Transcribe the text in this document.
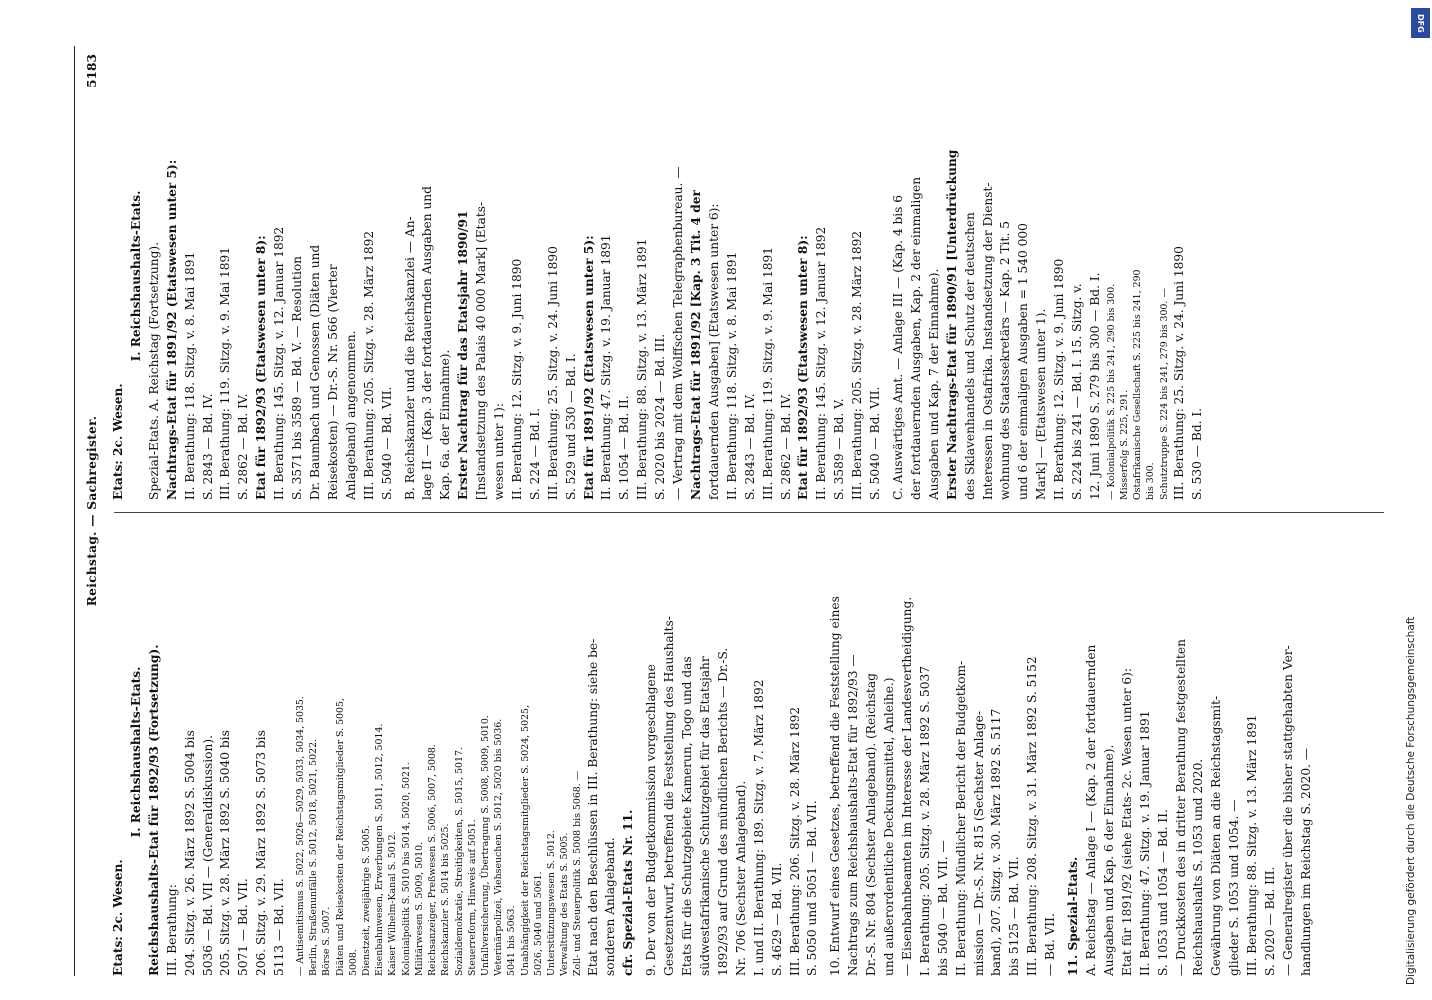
Reichstag. — Sachregister.
5183

Etats: 2c. Wesen.

I. Reichshaushalts-Etats. Reichshaushalts-Etat für 1892/93 (Fortsetzung). III. Berathung: 204. Sitzg. v. 26. März 1892 S. 5004 bis
5036 — Bd. VII — (Generaldiskussion).

205. Sitzg. v. 28. März 1892 S. 5040 bis
5071 — Bd. VII.

206. Sitzg. v. 29. März 1892 S. 5073 bis
5113 — Bd. VII.

— Antisemitismus S. 5022, 5026—5029, 5033, 5034, 5035.
Berlin, Straßenunfälle S. 5012, 5018, 5021, 5022.
Börse S. 5007.
Diäten und Reisekosten der Reichstagsmitglieder S. 5005,
5008.
Dienstzeit, zweijährige S. 5005.
Eisenbahnwesen, Erwerbungen S. 5011, 5012, 5014.
Kaiser Wilhelm-Kanal S. 5012.
Kolonialpolitik S. 5010 bis 5014, 5020, 5021.
Militärwesen S. 5009, 5010.
Reichsanzeiger, Preßwesen S. 5006, 5007, 5008.
Reichskanzler S. 5014 bis 5025.
Sozialdemokratie, Streitigkeiten, S. 5015, 5017.
Steuerreform, Hinweis auf 5051.
Unfallversicherung, Übertragung S. 5008, 5009, 5010.
Veterinärpolizei, Viehseuchen S. 5012, 5020 bis 5036.
5041 bis 5063.
Unabhängigkeit der Reichstagsmitglieder S. 5024, 5025,
5026, 5040 und 5061.
Unterstützungswesen S. 5012.
Verwaltung des Etats S. 5005.
Zoll- und Steuerpolitik S. 5008 bis 5068. —

Etat nach den Beschlüssen in III. Berathung: siehe be-
sonderen Anlageband. cfr. Spezial-Etats Nr. 11. 9. Der von der Budgetkommission vorgeschlagene
Gesetzentwurf, betreffend die Feststellung des Haushalts-
Etats für die Schutzgebiete Kamerun, Togo und das
südwestafrikanische Schutzgebiet für das Etatsjahr
1892/93 auf Grund des mündlichen Berichts — Dr.-S.
Nr. 706 (Sechster Anlageband).
I. und II. Berathung: 189. Sitzg. v. 7. März 1892
S. 4629 — Bd. VII.
III. Berathung: 206. Sitzg. v. 28. März 1892
S. 5050 und 5051 — Bd. VII.

10. Entwurf eines Gesetzes, betreffend die Feststellung eines
Nachtrags zum Reichshaushalts-Etat für 1892/93 —
Dr.-S. Nr. 804 (Sechster Anlageband). (Reichstag
und außerordentliche Deckungsmittel, Anleihe.)
— Eisenbahnbeamten im Interesse der Landesvertheidigung.
I. Berathung: 205. Sitzg. v. 28. März 1892 S. 5037
bis 5040 — Bd. VII. —
II. Berathung: Mündlicher Bericht der Budgetkom-
mission — Dr.-S. Nr. 815 (Sechster Anlage-
band), 207. Sitzg. v. 30. März 1892 S. 5117
bis 5125 — Bd. VII.
III. Berathung: 208. Sitzg. v. 31. März 1892 S. 5152
— Bd. VII. 11. Spezial-Etats. A. Reichstag — Anlage I — (Kap. 2 der fortdauernden
Ausgaben und Kap. 6 der Einnahme).
Etat für 1891/92 (siehe Etats- 2c. Wesen unter 6):
II. Berathung: 47. Sitzg. v. 19. Januar 1891
S. 1053 und 1054 — Bd. II.
— Druckkosten des in dritter Berathung festgestellten
Reichshaushalts S. 1053 und 2020.
Gewährung von Diäten an die Reichstagsmit-
glieder S. 1053 und 1054. —
III. Berathung: 88. Sitzg. v. 13. März 1891
S. 2020 — Bd. III.
— Generalregister über die bisher stattgehabten Ver-
handlungen im Reichstag S. 2020. —

Etats: 2c. Wesen.

I. Reichshaushalts-Etats. Spezial-Etats. A. Reichstag (Fortsetzung). Nachtrags-Etat für 1891/92 (Etatswesen unter 5): II. Berathung: 118. Sitzg. v. 8. Mai 1891
S. 2843 — Bd. IV.

III. Berathung: 119. Sitzg. v. 9. Mai 1891
S. 2862 — Bd. IV. Etat für 1892/93 (Etatswesen unter 8): II. Berathung: 145. Sitzg. v. 12. Januar 1892
S. 3571 bis 3589 — Bd. V. — Resolution
Dr. Baumbach und Genossen (Diäten und
Reisekosten) — Dr.-S. Nr. 566 (Vierter
Anlageband) angenommen.

III. Berathung: 205. Sitzg. v. 28. März 1892
S. 5040 — Bd. VII.

B. Reichskanzler und die Reichskanzlei — An-
lage II — (Kap. 3 der fortdauernden Ausgaben und
Kap. 6a. der Einnahme). Erster Nachtrag für das Etatsjahr 1890/91 [Instandsetzung des Palais 40 000 Mark] (Etats-
wesen unter 1):
II. Berathung: 12. Sitzg. v. 9. Juni 1890
S. 224 — Bd. I.
III. Berathung: 25. Sitzg. v. 24. Juni 1890
S. 529 und 530 — Bd. I. Etat für 1891/92 (Etatswesen unter 5): II. Berathung: 47. Sitzg. v. 19. Januar 1891
S. 1054 — Bd. II.
III. Berathung: 88. Sitzg. v. 13. März 1891
S. 2020 bis 2024 — Bd. III.
— Vertrag mit dem Wolffschen Telegraphenbureau. —

Nachtrags-Etat für 1891/92 [Kap. 3 Tit. 4 der fortdauernden Ausgaben] (Etatswesen unter 6):
II. Berathung: 118. Sitzg. v. 8. Mai 1891
S. 2843 — Bd. IV.
III. Berathung: 119. Sitzg. v. 9. Mai 1891
S. 2862 — Bd. IV. Etat für 1892/93 (Etatswesen unter 8): II. Berathung: 145. Sitzg. v. 12. Januar 1892
S. 3589 — Bd. V.
III. Berathung: 205. Sitzg. v. 28. März 1892
S. 5040 — Bd. VII.

C. Auswärtiges Amt. — Anlage III — (Kap. 4 bis 6
der fortdauernden Ausgaben, Kap. 2 der einmaligen
Ausgaben und Kap. 7 der Einnahme). Erster Nachtrags-Etat für 1890/91 [Unterdrückung des Sklavenhandels und Schutz der deutschen
Interessen in Ostafrika. Instandsetzung der Dienst-
wohnung des Staatssekretärs — Kap. 2 Tit. 5
und 6 der einmaligen Ausgaben = 1 540 000
Mark] — (Etatswesen unter 1).
II. Berathung: 12. Sitzg. v. 9. Juni 1890
S. 224 bis 241 — Bd. I. 15. Sitzg. v.
12. Juni 1890 S. 279 bis 300 — Bd. I.

— Kolonialpolitik S. 225 bis 241, 290 bis 300.
Misserfolg S. 225, 291.
Ostafrikanische Gesellschaft S. 225 bis 241, 290
bis 300.
Schutztruppe S. 224 bis 241, 279 bis 300. —

III. Berathung: 25. Sitzg. v. 24. Juni 1890
S. 530 — Bd. I.

DFG
Digitalisierung gefördert durch die Deutsche Forschungsgemeinschaft
